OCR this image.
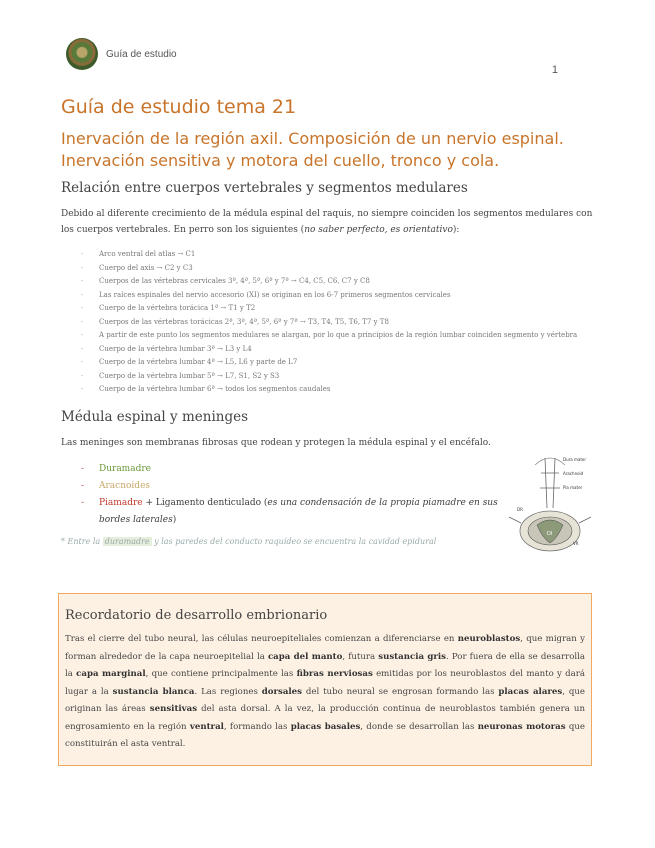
Guía de estudio
1
Guía de estudio tema 21
Inervación de la región axil. Composición de un nervio espinal. Inervación sensitiva y motora del cuello, tronco y cola.
Relación entre cuerpos vertebrales y segmentos medulares

Debido al diferente crecimiento de la médula espinal del raquis, no siempre coinciden los segmentos medulares con los cuerpos vertebrales. En perro son los siguientes (no saber perfecto, es orientativo):

- Arco ventral del atlas → C1
- Cuerpo del axis → C2 y C3
- Cuerpos de las vértebras cervicales 3ª, 4ª, 5ª, 6ª y 7ª → C4, C5, C6, C7 y C8
- Las raíces espinales del nervio accesorio (XI) se originan en los 6-7 primeros segmentos cervicales
- Cuerpo de la vértebra torácica 1ª → T1 y T2
- Cuerpos de las vértebras torácicas 2ª, 3ª, 4ª, 5ª, 6ª y 7ª → T3, T4, T5, T6, T7 y T8
- A partir de este punto los segmentos medulares se alargan, por lo que a principios de la región lumbar coinciden segmento y vértebra
- Cuerpo de la vértebra lumbar 3ª → L3 y L4
- Cuerpo de la vértebra lumbar 4ª → L5, L6 y parte de L7
- Cuerpo de la vértebra lumbar 5ª → L7, S1, S2 y S3
- Cuerpo de la vértebra lumbar 6ª → todos los segmentos caudales
Médula espinal y meninges

Las meninges son membranas fibrosas que rodean y protegen la médula espinal y el encéfalo.

- Duramadre
- Aracnoides
- Piamadre + Ligamento denticulado (es una condensación de la propia piamadre en sus bordes laterales)
Dura mater
Arachnoid
Pia mater
DR
DI
VR

* Entre la duramadre y las paredes del conducto raquídeo se encuentra la cavidad epidural

Recordatorio de desarrollo embrionario

Tras el cierre del tubo neural, las células neuroepiteliales comienzan a diferenciarse en neuroblastos, que migran y forman alrededor de la capa neuroepitelial la capa del manto, futura sustancia gris. Por fuera de ella se desarrolla la capa marginal, que contiene principalmente las fibras nerviosas emitidas por los neuroblastos del manto y dará lugar a la sustancia blanca. Las regiones dorsales del tubo neural se engrosan formando las placas alares, que originan las áreas sensitivas del asta dorsal. A la vez, la producción continua de neuroblastos también genera un engrosamiento en la región ventral, formando las placas basales, donde se desarrollan las neuronas motoras que constituirán el asta ventral.
